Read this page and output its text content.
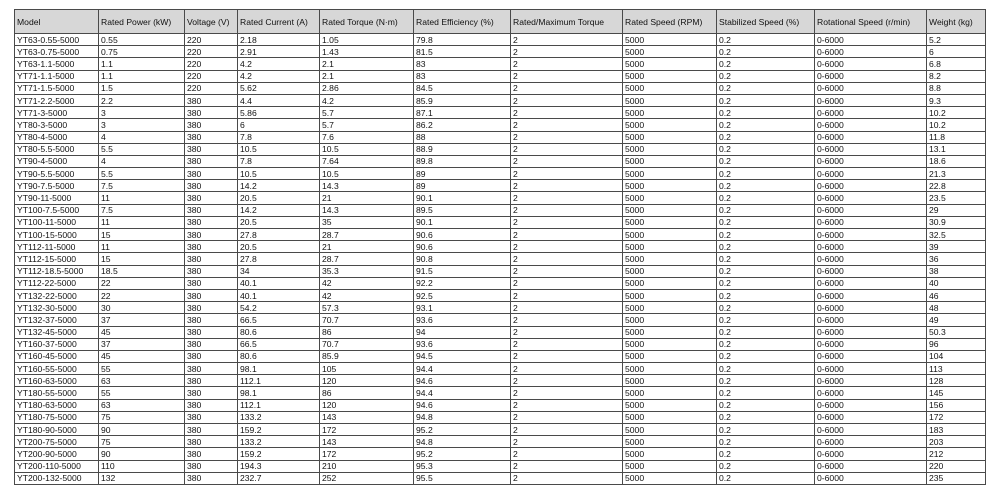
Model	Rated Power (kW)	Voltage (V)	Rated Current (A)	Rated Torque (N·m)	Rated Efficiency (%)	Rated/Maximum Torque	Rated Speed (RPM)	Stabilized Speed (%)	Rotational Speed (r/min)	Weight (kg)
YT63-0.55-5000	0.55	220	2.18	1.05	79.8	2	5000	0.2	0-6000	5.2
YT63-0.75-5000	0.75	220	2.91	1.43	81.5	2	5000	0.2	0-6000	6
YT63-1.1-5000	1.1	220	4.2	2.1	83	2	5000	0.2	0-6000	6.8
YT71-1.1-5000	1.1	220	4.2	2.1	83	2	5000	0.2	0-6000	8.2
YT71-1.5-5000	1.5	220	5.62	2.86	84.5	2	5000	0.2	0-6000	8.8
YT71-2.2-5000	2.2	380	4.4	4.2	85.9	2	5000	0.2	0-6000	9.3
YT71-3-5000	3	380	5.86	5.7	87.1	2	5000	0.2	0-6000	10.2
YT80-3-5000	3	380	6	5.7	86.2	2	5000	0.2	0-6000	10.2
YT80-4-5000	4	380	7.8	7.6	88	2	5000	0.2	0-6000	11.8
YT80-5.5-5000	5.5	380	10.5	10.5	88.9	2	5000	0.2	0-6000	13.1
YT90-4-5000	4	380	7.8	7.64	89.8	2	5000	0.2	0-6000	18.6
YT90-5.5-5000	5.5	380	10.5	10.5	89	2	5000	0.2	0-6000	21.3
YT90-7.5-5000	7.5	380	14.2	14.3	89	2	5000	0.2	0-6000	22.8
YT90-11-5000	11	380	20.5	21	90.1	2	5000	0.2	0-6000	23.5
YT100-7.5-5000	7.5	380	14.2	14.3	89.5	2	5000	0.2	0-6000	29
YT100-11-5000	11	380	20.5	35	90.1	2	5000	0.2	0-6000	30.9
YT100-15-5000	15	380	27.8	28.7	90.6	2	5000	0.2	0-6000	32.5
YT112-11-5000	11	380	20.5	21	90.6	2	5000	0.2	0-6000	39
YT112-15-5000	15	380	27.8	28.7	90.8	2	5000	0.2	0-6000	36
YT112-18.5-5000	18.5	380	34	35.3	91.5	2	5000	0.2	0-6000	38
YT112-22-5000	22	380	40.1	42	92.2	2	5000	0.2	0-6000	40
YT132-22-5000	22	380	40.1	42	92.5	2	5000	0.2	0-6000	46
YT132-30-5000	30	380	54.2	57.3	93.1	2	5000	0.2	0-6000	48
YT132-37-5000	37	380	66.5	70.7	93.6	2	5000	0.2	0-6000	49
YT132-45-5000	45	380	80.6	86	94	2	5000	0.2	0-6000	50.3
YT160-37-5000	37	380	66.5	70.7	93.6	2	5000	0.2	0-6000	96
YT160-45-5000	45	380	80.6	85.9	94.5	2	5000	0.2	0-6000	104
YT160-55-5000	55	380	98.1	105	94.4	2	5000	0.2	0-6000	113
YT160-63-5000	63	380	112.1	120	94.6	2	5000	0.2	0-6000	128
YT180-55-5000	55	380	98.1	86	94.4	2	5000	0.2	0-6000	145
YT180-63-5000	63	380	112.1	120	94.6	2	5000	0.2	0-6000	156
YT180-75-5000	75	380	133.2	143	94.8	2	5000	0.2	0-6000	172
YT180-90-5000	90	380	159.2	172	95.2	2	5000	0.2	0-6000	183
YT200-75-5000	75	380	133.2	143	94.8	2	5000	0.2	0-6000	203
YT200-90-5000	90	380	159.2	172	95.2	2	5000	0.2	0-6000	212
YT200-110-5000	110	380	194.3	210	95.3	2	5000	0.2	0-6000	220
YT200-132-5000	132	380	232.7	252	95.5	2	5000	0.2	0-6000	235
